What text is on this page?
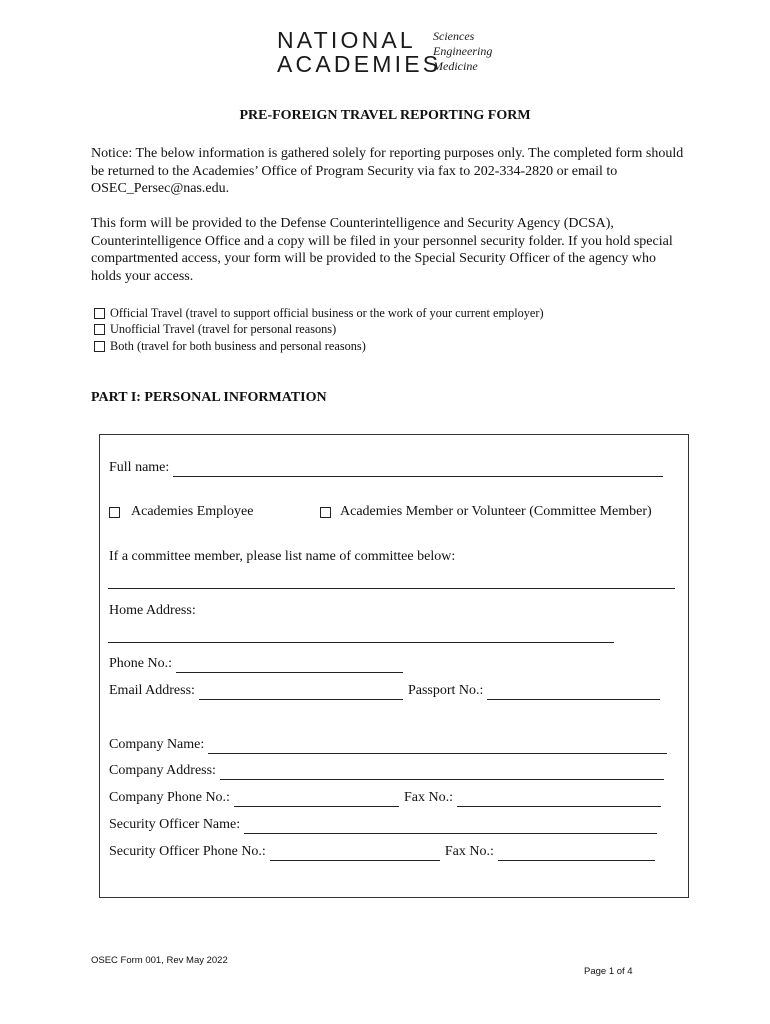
NATIONAL
ACADEMIES
Sciences
Engineering
Medicine
PRE-FOREIGN TRAVEL REPORTING FORM

Notice: The below information is gathered solely for reporting purposes only. The completed form should be returned to the Academies’ Office of Program Security via fax to 202-334-2820 or email to OSEC_Persec@nas.edu.

This form will be provided to the Defense Counterintelligence and Security Agency (DCSA), Counterintelligence Office and a copy will be filed in your personnel security folder. If you hold special compartmented access, your form will be provided to the Special Security Officer of the agency who holds your access.

Official Travel (travel to support official business or the work of your current employer)
Unofficial Travel (travel for personal reasons)
Both (travel for both business and personal reasons)
PART I: PERSONAL INFORMATION
Full name:
Academies Employee	Academies Member or Volunteer (Committee Member)
If a committee member, please list name of committee below:
Home Address:
Phone No.:
Email Address:	Passport No.:
Company Name:
Company Address:
Company Phone No.:	Fax No.:
Security Officer Name:
Security Officer Phone No.:	Fax No.:
OSEC Form 001, Rev May 2022
Page 1 of 4
